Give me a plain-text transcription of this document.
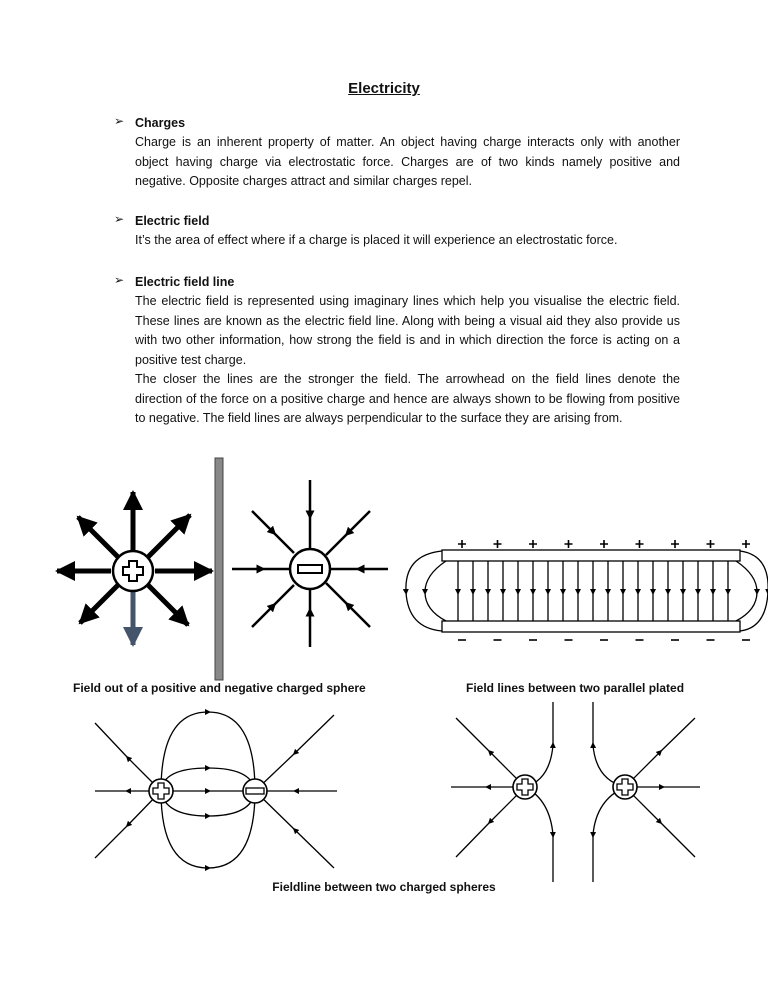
Electricity
➢ Charges
Charge is an inherent property of matter. An object having charge interacts only with another object having charge via electrostatic force. Charges are of two kinds namely positive and negative. Opposite charges attract and similar charges repel.
➢ Electric field
It’s the area of effect where if a charge is placed it will experience an electrostatic force.
➢ Electric field line
The electric field is represented using imaginary lines which help you visualise the electric field. These lines are known as the electric field line. Along with being a visual aid they also provide us with two other information, how strong the field is and in which direction the force is acting on a positive test charge.
The closer the lines are the stronger the field. The arrowhead on the field lines denote the direction of the force on a positive charge and hence are always shown to be flowing from positive to negative. The field lines are always perpendicular to the surface they are arising from.
Field out of a positive and negative charged sphere	Field lines between two parallel plated
Fieldline between two charged spheres
